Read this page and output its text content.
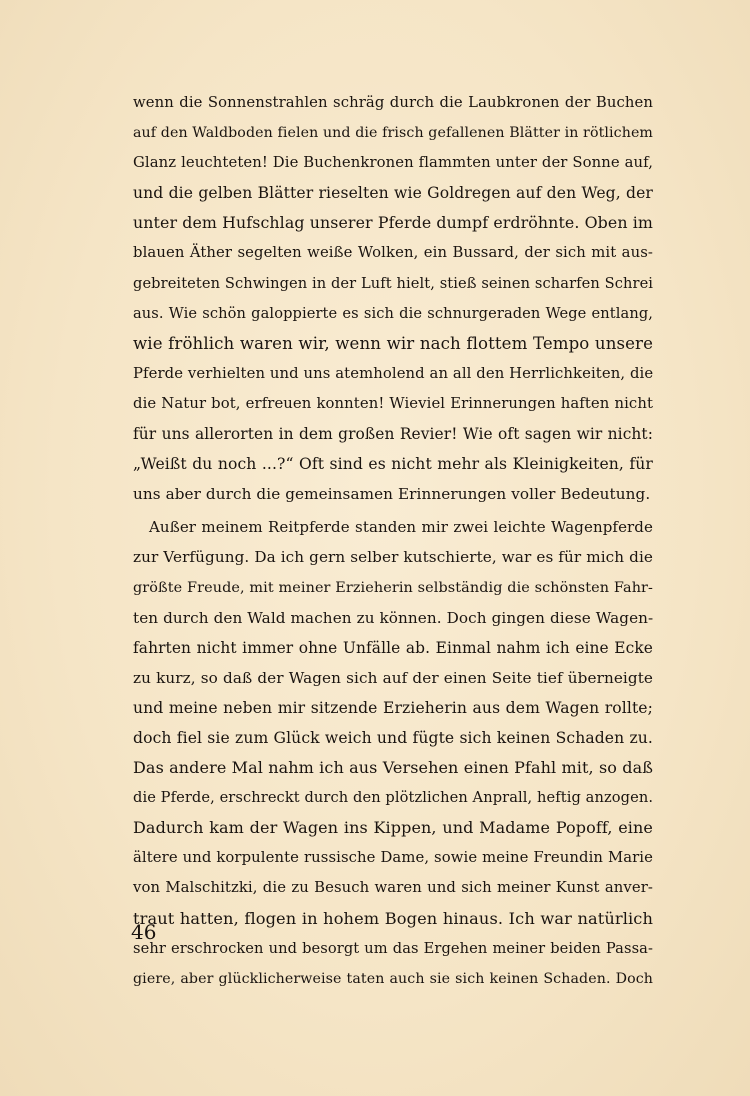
wenn die Sonnenstrahlen schräg durch die Laubkronen der Buchen
auf den Waldboden fielen und die frisch gefallenen Blätter in rötlichem
Glanz leuchteten! Die Buchenkronen flammten unter der Sonne auf,
und die gelben Blätter rieselten wie Goldregen auf den Weg, der
unter dem Hufschlag unserer Pferde dumpf erdröhnte. Oben im
blauen Äther segelten weiße Wolken, ein Bussard, der sich mit aus-
gebreiteten Schwingen in der Luft hielt, stieß seinen scharfen Schrei
aus. Wie schön galoppierte es sich die schnurgeraden Wege entlang,
wie fröhlich waren wir, wenn wir nach flottem Tempo unsere
Pferde verhielten und uns atemholend an all den Herrlichkeiten, die
die Natur bot, erfreuen konnten! Wieviel Erinnerungen haften nicht
für uns allerorten in dem großen Revier! Wie oft sagen wir nicht:
„Weißt du noch ...?“ Oft sind es nicht mehr als Kleinigkeiten, für
uns aber durch die gemeinsamen Erinnerungen voller Bedeutung.
Außer meinem Reitpferde standen mir zwei leichte Wagenpferde
zur Verfügung. Da ich gern selber kutschierte, war es für mich die
größte Freude, mit meiner Erzieherin selbständig die schönsten Fahr-
ten durch den Wald machen zu können. Doch gingen diese Wagen-
fahrten nicht immer ohne Unfälle ab. Einmal nahm ich eine Ecke
zu kurz, so daß der Wagen sich auf der einen Seite tief überneigte
und meine neben mir sitzende Erzieherin aus dem Wagen rollte;
doch fiel sie zum Glück weich und fügte sich keinen Schaden zu.
Das andere Mal nahm ich aus Versehen einen Pfahl mit, so daß
die Pferde, erschreckt durch den plötzlichen Anprall, heftig anzogen.
Dadurch kam der Wagen ins Kippen, und Madame Popoff, eine
ältere und korpulente russische Dame, sowie meine Freundin Marie
von Malschitzki, die zu Besuch waren und sich meiner Kunst anver-
traut hatten, flogen in hohem Bogen hinaus. Ich war natürlich
sehr erschrocken und besorgt um das Ergehen meiner beiden Passa-
giere, aber glücklicherweise taten auch sie sich keinen Schaden. Doch
46
